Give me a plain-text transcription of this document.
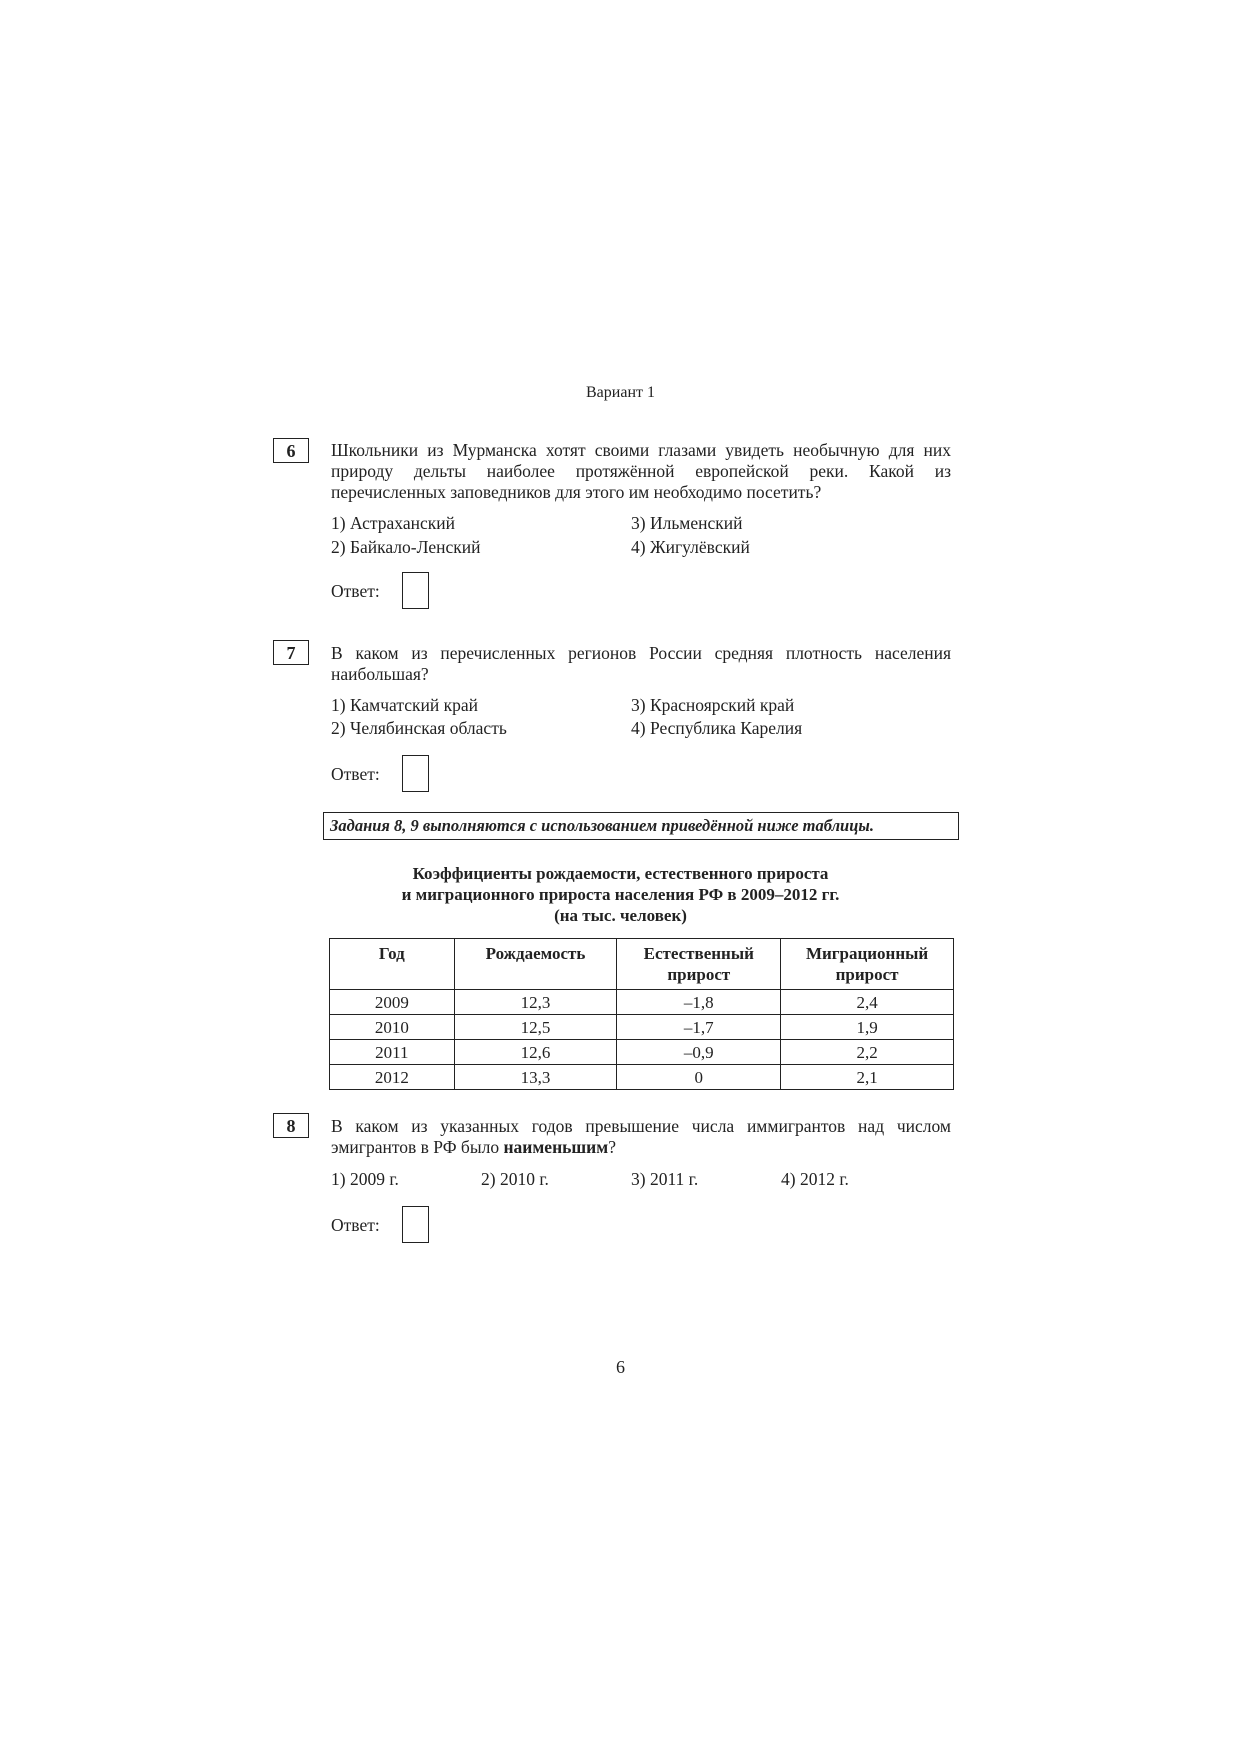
Вариант 1
6	Школьники из Мурманска хотят своими глазами увидеть необычную для них природу дельты наиболее протяжённой европейской реки. Какой из перечисленных заповедников для этого им необходимо посетить?
1) Астраханский	3) Ильменский
2) Байкало-Ленский	4) Жигулёвский
Ответ:
7	В каком из перечисленных регионов России средняя плотность населения наибольшая?
1) Камчатский край	3) Красноярский край
2) Челябинская область	4) Республика Карелия
Ответ:
Задания 8, 9 выполняются с использованием приведённой ниже таблицы.
Коэффициенты рождаемости, естественного прироста
и миграционного прироста населения РФ в 2009–2012 гг.
(на тыс. человек)
Год	Рождаемость	Естественный прирост	Миграционный прирост
2009	12,3	–1,8	2,4
2010	12,5	–1,7	1,9
2011	12,6	–0,9	2,2
2012	13,3	0	2,1
8	В каком из указанных годов превышение числа иммигрантов над числом эмигрантов в РФ было наименьшим?
1) 2009 г.	2) 2010 г.	3) 2011 г.	4) 2012 г.
Ответ:
6
